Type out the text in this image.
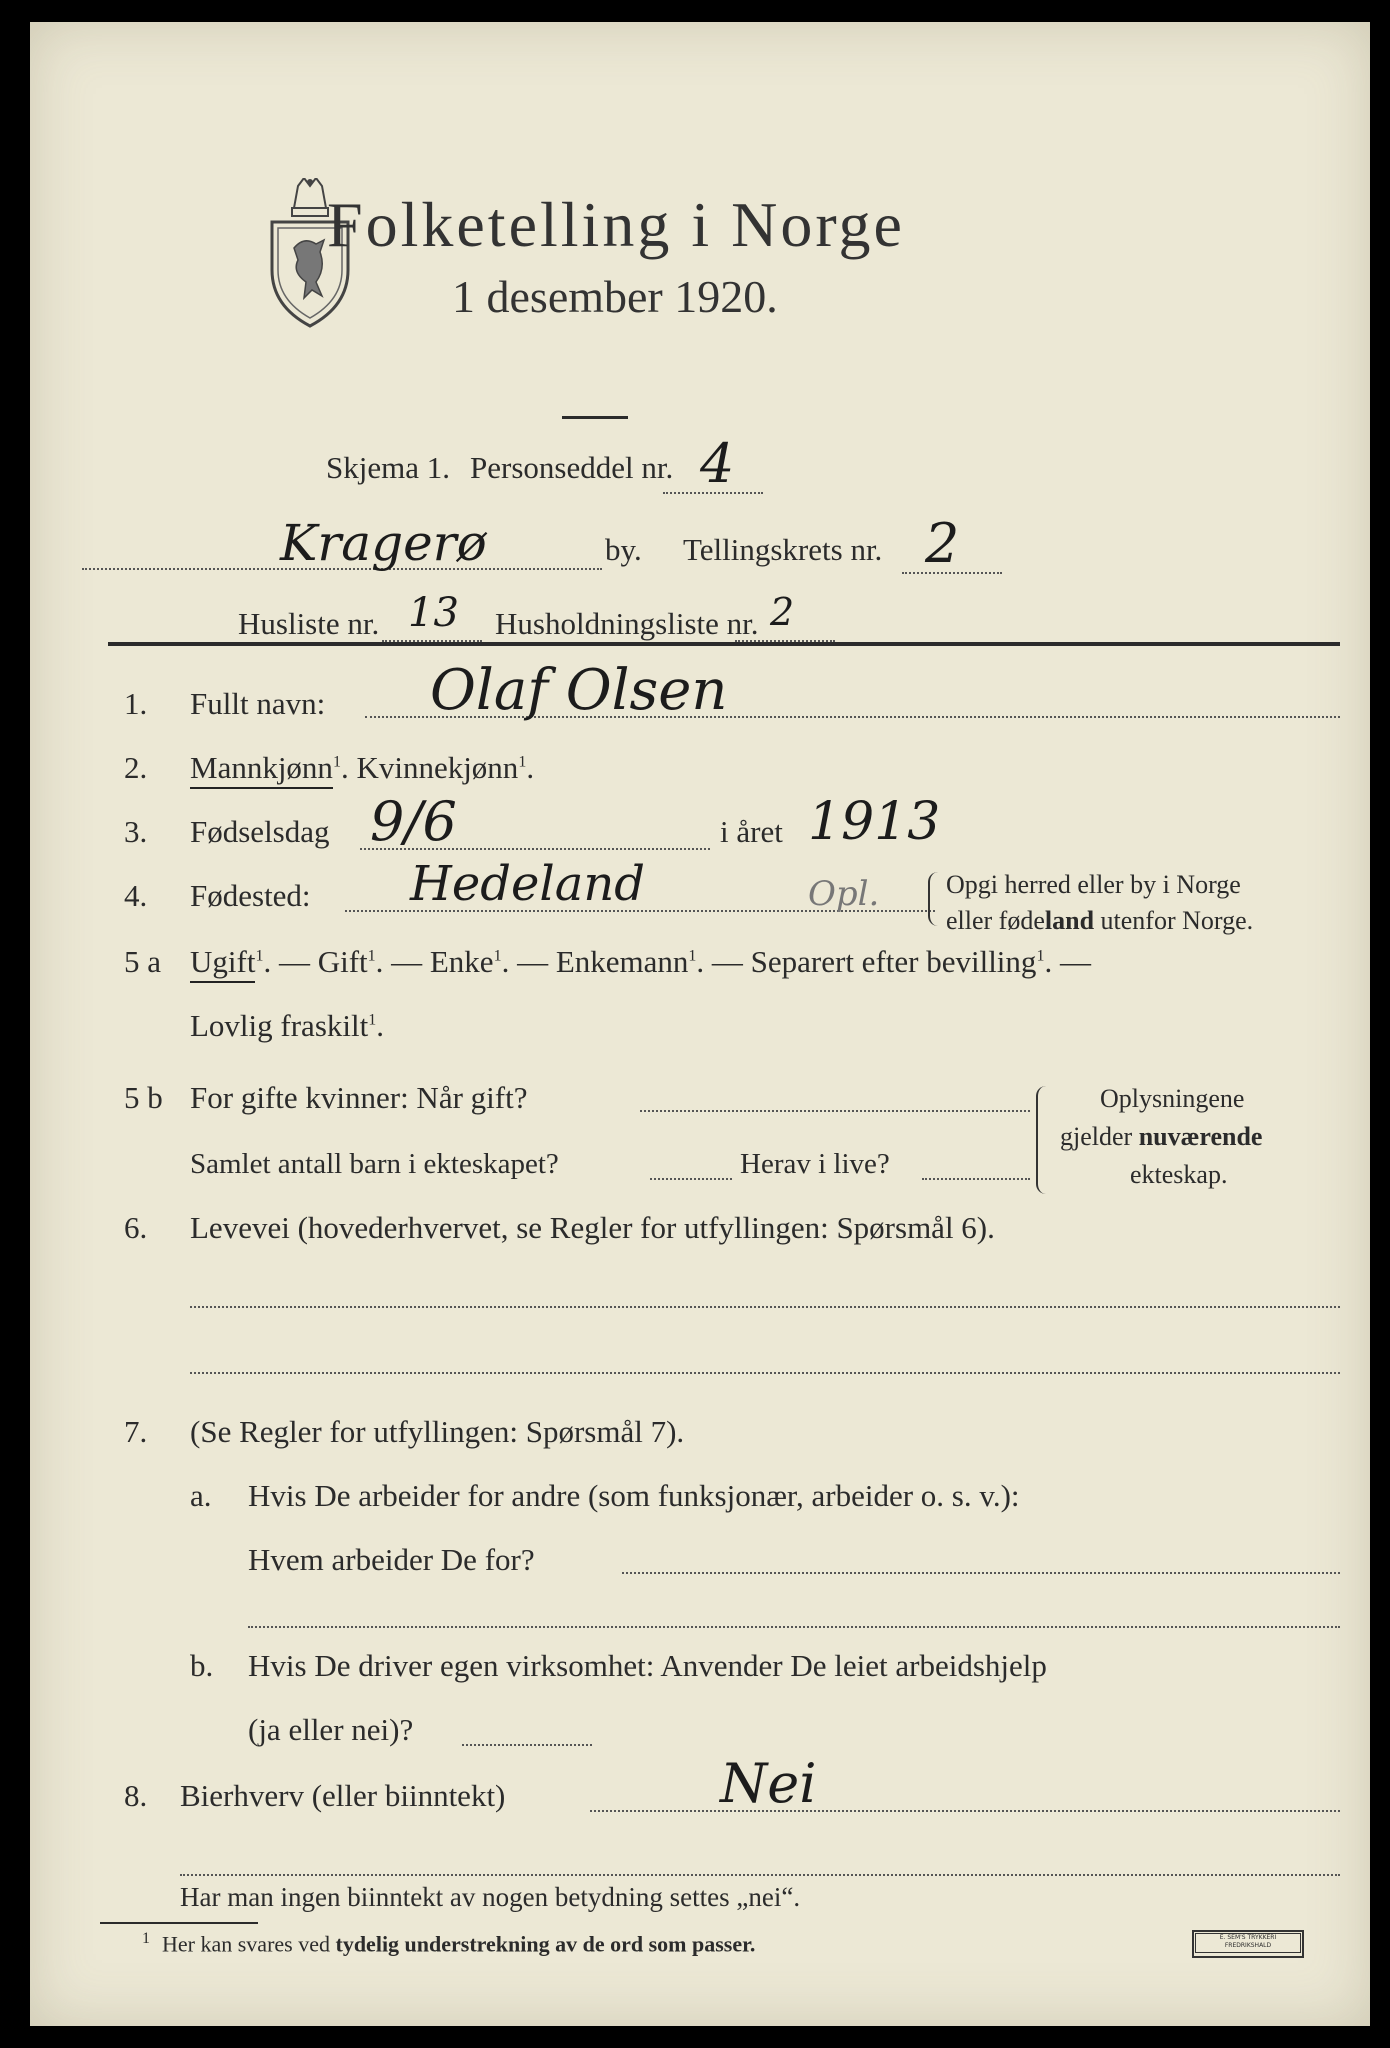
Folketelling i Norge
1 desember 1920.
Skjema 1. Personseddel nr. 4
Kragerø	by. Tellingskrets nr. 2
Husliste nr. 13 Husholdningsliste nr. 2
1. Fullt navn: Olaf Olsen
2. Mannkjønn$^1$. Kvinnekjønn$^1$.
3. Fødselsdag 9/6	i året 1913
4. Fødested: Hedeland	Opl.	Opgi herred eller by i Norge
eller fødeland utenfor Norge.
5 a Ugift$^1$. — Gift$^1$. — Enke$^1$. — Enkemann$^1$. — Separert efter bevilling$^1$. —
Lovlig fraskilt$^1$.
5 b For gifte kvinner: Når gift?
Samlet antall barn i ekteskapet?	Herav i live?
Oplysningene
gjelder nuværende
ekteskap.
6. Levevei (hovederhvervet, se Regler for utfyllingen: Spørsmål 6).
7. (Se Regler for utfyllingen: Spørsmål 7).
a. Hvis De arbeider for andre (som funksjonær, arbeider o. s. v.):
Hvem arbeider De for?
b. Hvis De driver egen virksomhet: Anvender De leiet arbeidshjelp
(ja eller nei)?
8. Bierhverv (eller biinntekt)	Nei
Har man ingen biinntekt av nogen betydning settes „nei“.
$^1$ Her kan svares ved tydelig understrekning av de ord som passer.	E. SEM'S TRYKKERI
FREDRIKSHALD
